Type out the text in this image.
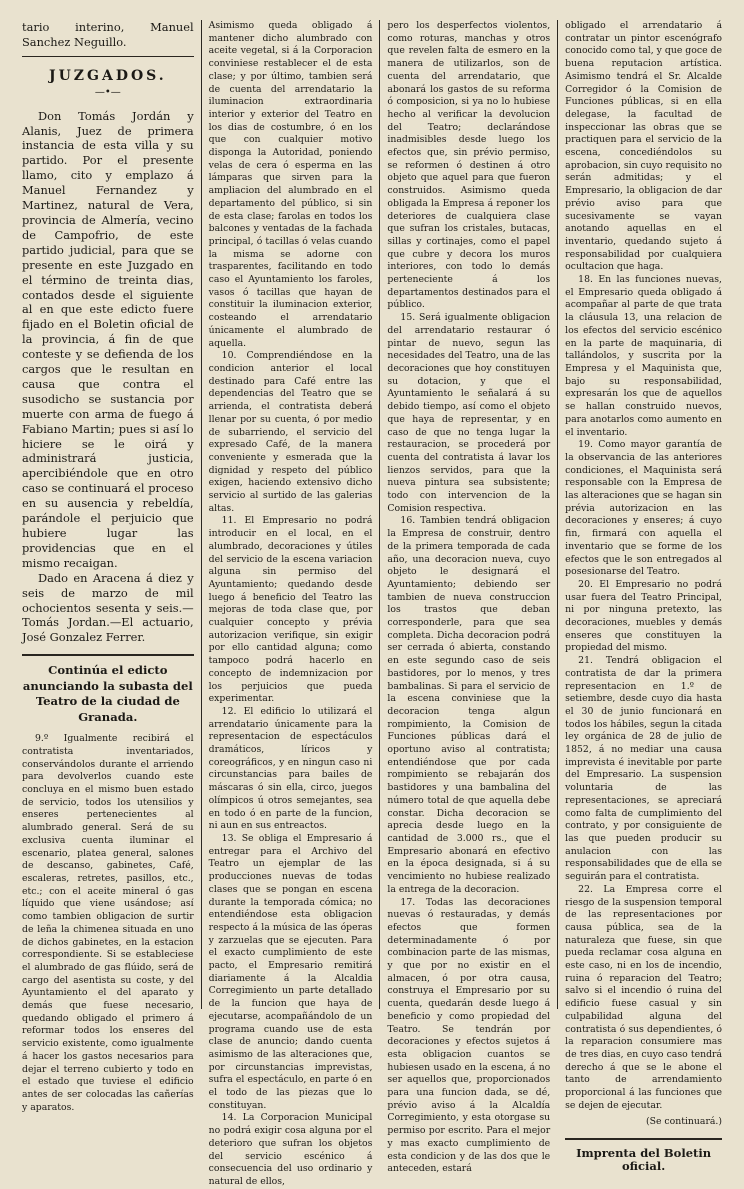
tario interino, Manuel Sanchez Neguillo.

JUZGADOS.
—•—

Don Tomás Jordán y Alanis, Juez de primera instancia de esta villa y su partido. Por el presente llamo, cito y emplazo á Manuel Fernandez y Martinez, natural de Vera, provincia de Almería, vecino de Campofrio, de este partido judicial, para que se presente en este Juzgado en el término de treinta dias, contados desde el siguiente al en que este edicto fuere fijado en el Boletin oficial de la provincia, á fin de que conteste y se defienda de los cargos que le resultan en causa que contra el susodicho se sustancia por muerte con arma de fuego á Fabiano Martin; pues si así lo hiciere se le oirá y administrará justicia, apercibiéndole que en otro caso se continuará el proceso en su ausencia y rebeldía, parándole el perjuicio que hubiere lugar las providencias que en el mismo recaigan.

Dado en Aracena á diez y seis de marzo de mil ochocientos sesenta y seis.—Tomás Jordan.—El actuario, José Gonzalez Ferrer.

Continúa el edicto anunciando la subasta del Teatro de la ciudad de Granada.

9.º Igualmente recibirá el contratista inventariados, conservándolos durante el arriendo para devolverlos cuando este concluya en el mismo buen estado de servicio, todos los utensilios y enseres pertenecientes al alumbrado general. Será de su exclusiva cuenta iluminar el escenario, platea general, salones de descanso, gabinetes, Café, escaleras, retretes, pasillos, etc., etc.; con el aceite mineral ó gas líquido que viene usándose; así como tambien obligacion de surtir de leña la chimenea situada en uno de dichos gabinetes, en la estacion correspondiente. Si se estableciese el alumbrado de gas flúido, será de cargo del asentista su coste, y del Ayuntamiento el del aparato y demás que fuese necesario, quedando obligado el primero á reformar todos los enseres del servicio existente, como igualmente á hacer los gastos necesarios para dejar el terreno cubierto y todo en el estado que tuviese el edificio antes de ser colocadas las cañerías y aparatos.

Asimismo queda obligado á mantener dicho alumbrado con aceite vegetal, si á la Corporacion conviniese restablecer el de esta clase; y por último, tambien será de cuenta del arrendatario la iluminacion extraordinaria interior y exterior del Teatro en los dias de costumbre, ó en los que con cualquier motivo disponga la Autoridad, poniendo velas de cera ó esperma en las lámparas que sirven para la ampliacion del alumbrado en el departamento del público, si sin de esta clase; farolas en todos los balcones y ventadas de la fachada principal, ó tacillas ó velas cuando la misma se adorne con trasparentes, facilitando en todo caso el Ayuntamiento los faroles, vasos ó tacillas que hayan de constituir la iluminacion exterior, costeando el arrendatario únicamente el alumbrado de aquella.

10. Comprendiéndose en la condicion anterior el local destinado para Café entre las dependencias del Teatro que se arrienda, el contratista deberá llenar por su cuenta, ó por medio de subarriendo, el servicio del expresado Café, de la manera conveniente y esmerada que la dignidad y respeto del público exigen, haciendo extensivo dicho servicio al surtido de las galerias altas.

11. El Empresario no podrá introducir en el local, en el alumbrado, decoraciones y útiles del servicio de la escena variacion alguna sin permiso del Ayuntamiento; quedando desde luego á beneficio del Teatro las mejoras de toda clase que, por cualquier concepto y prévia autorizacion verifique, sin exigir por ello cantidad alguna; como tampoco podrá hacerlo en concepto de indemnizacion por los perjuicios que pueda experimentar.

12. El edificio lo utilizará el arrendatario únicamente para la representacion de espectáculos dramáticos, líricos y coreográficos, y en ningun caso ni circunstancias para bailes de máscaras ó sin ella, circo, juegos olímpicos ú otros semejantes, sea en todo ó en parte de la funcion, ni aun en sus entreactos.

13. Se obliga el Empresario á entregar para el Archivo del Teatro un ejemplar de las producciones nuevas de todas clases que se pongan en escena durante la temporada cómica; no entendiéndose esta obligacion respecto á la música de las óperas y zarzuelas que se ejecuten. Para el exacto cumplimiento de este pacto, el Empresario remitirá diariamente á la Alcaldia Corregimiento un parte detallado de la funcion que haya de ejecutarse, acompañándolo de un programa cuando use de esta clase de anuncio; dando cuenta asimismo de las alteraciones que, por circunstancias imprevistas, sufra el espectáculo, en parte ó en el todo de las piezas que lo constituyan.

14. La Corporacion Municipal no podrá exigir cosa alguna por el deterioro que sufran los objetos del servicio escénico á consecuencia del uso ordinario y natural de ellos,

pero los desperfectos violentos, como roturas, manchas y otros que revelen falta de esmero en la manera de utilizarlos, son de cuenta del arrendatario, que abonará los gastos de su reforma ó composicion, si ya no lo hubiese hecho al verificar la devolucion del Teatro; declarándose inadmisibles desde luego los efectos que, sin prévio permiso, se reformen ó destinen á otro objeto que aquel para que fueron construidos. Asimismo queda obligada la Empresa á reponer los deteriores de cualquiera clase que sufran los cristales, butacas, sillas y cortinajes, como el papel que cubre y decora los muros interiores, con todo lo demás perteneciente á los departamentos destinados para el público.

15. Será igualmente obligacion del arrendatario restaurar ó pintar de nuevo, segun las necesidades del Teatro, una de las decoraciones que hoy constituyen su dotacion, y que el Ayuntamiento le señalará á su debido tiempo, así como el objeto que haya de representar, y en caso de que no tenga lugar la restauracion, se procederá por cuenta del contratista á lavar los lienzos servidos, para que la nueva pintura sea subsistente; todo con intervencion de la Comision respectiva.

16. Tambien tendrá obligacion la Empresa de construir, dentro de la primera temporada de cada año, una decoracion nueva, cuyo objeto le designará el Ayuntamiento; debiendo ser tambien de nueva construccion los trastos que deban corresponderle, para que sea completa. Dicha decoracion podrá ser cerrada ó abierta, constando en este segundo caso de seis bastidores, por lo menos, y tres bambalinas. Si para el servicio de la escena conviniese que la decoracion tenga algun rompimiento, la Comision de Funciones públicas dará el oportuno aviso al contratista; entendiéndose que por cada rompimiento se rebajarán dos bastidores y una bambalina del número total de que aquella debe constar. Dicha decoracion se aprecia desde luego en la cantidad de 3.000 rs., que el Empresario abonará en efectivo en la época designada, si á su vencimiento no hubiese realizado la entrega de la decoracion.

17. Todas las decoraciones nuevas ó restauradas, y demás efectos que formen determinadamente ó por combinacion parte de las mismas, y que por no existir en el almacen, ó por otra causa, construya el Empresario por su cuenta, quedarán desde luego á beneficio y como propiedad del Teatro. Se tendrán por decoraciones y efectos sujetos á esta obligacion cuantos se hubiesen usado en la escena, á no ser aquellos que, proporcionados para una funcion dada, se dé, prévio aviso á la Alcaldía Corregimiento, y esta otorgase su permiso por escrito. Para el mejor y mas exacto cumplimiento de esta condicion y de las dos que le anteceden, estará

obligado el arrendatario á contratar un pintor escenógrafo conocido como tal, y que goce de buena reputacion artística. Asimismo tendrá el Sr. Alcalde Corregidor ó la Comision de Funciones públicas, si en ella delegase, la facultad de inspeccionar las obras que se practiquen para el servicio de la escena, concediéndolos su aprobacion, sin cuyo requisito no serán admitidas; y el Empresario, la obligacion de dar prévio aviso para que sucesivamente se vayan anotando aquellas en el inventario, quedando sujeto á responsabilidad por cualquiera ocultacion que haga.

18. En las funciones nuevas, el Empresario queda obligado á acompañar al parte de que trata la cláusula 13, una relacion de los efectos del servicio escénico en la parte de maquinaria, di tallándolos, y suscrita por la Empresa y el Maquinista que, bajo su responsabilidad, expresarán los que de aquellos se hallan construido nuevos, para anotarlos como aumento en el inventario.

19. Como mayor garantía de la observancia de las anteriores condiciones, el Maquinista será responsable con la Empresa de las alteraciones que se hagan sin prévia autorizacion en las decoraciones y enseres; á cuyo fin, firmará con aquella el inventario que se forme de los efectos que le son entregados al posesionarse del Teatro.

20. El Empresario no podrá usar fuera del Teatro Principal, ni por ninguna pretexto, las decoraciones, muebles y demás enseres que constituyen la propiedad del mismo.

21. Tendrá obligacion el contratista de dar la primera representacion en 1.º de setiembre, desde cuyo dia hasta el 30 de junio funcionará en todos los hábiles, segun la citada ley orgánica de 28 de julio de 1852, á no mediar una causa imprevista é inevitable por parte del Empresario. La suspension voluntaria de las representaciones, se apreciará como falta de cumplimiento del contrato, y por consiguiente de las que pueden producir su anulacion con las responsabilidades que de ella se seguirán para el contratista.

22. La Empresa corre el riesgo de la suspension temporal de las representaciones por causa pública, sea de la naturaleza que fuese, sin que pueda reclamar cosa alguna en este caso, ni en los de incendio, ruina ó reparacion del Teatro; salvo si el incendio ó ruina del edificio fuese casual y sin culpabilidad alguna del contratista ó sus dependientes, ó la reparacion consumiere mas de tres dias, en cuyo caso tendrá derecho á que se le abone el tanto de arrendamiento proporcional á las funciones que se dejen de ejecutar.

(Se continuará.)

Imprenta del Boletin oficial.
